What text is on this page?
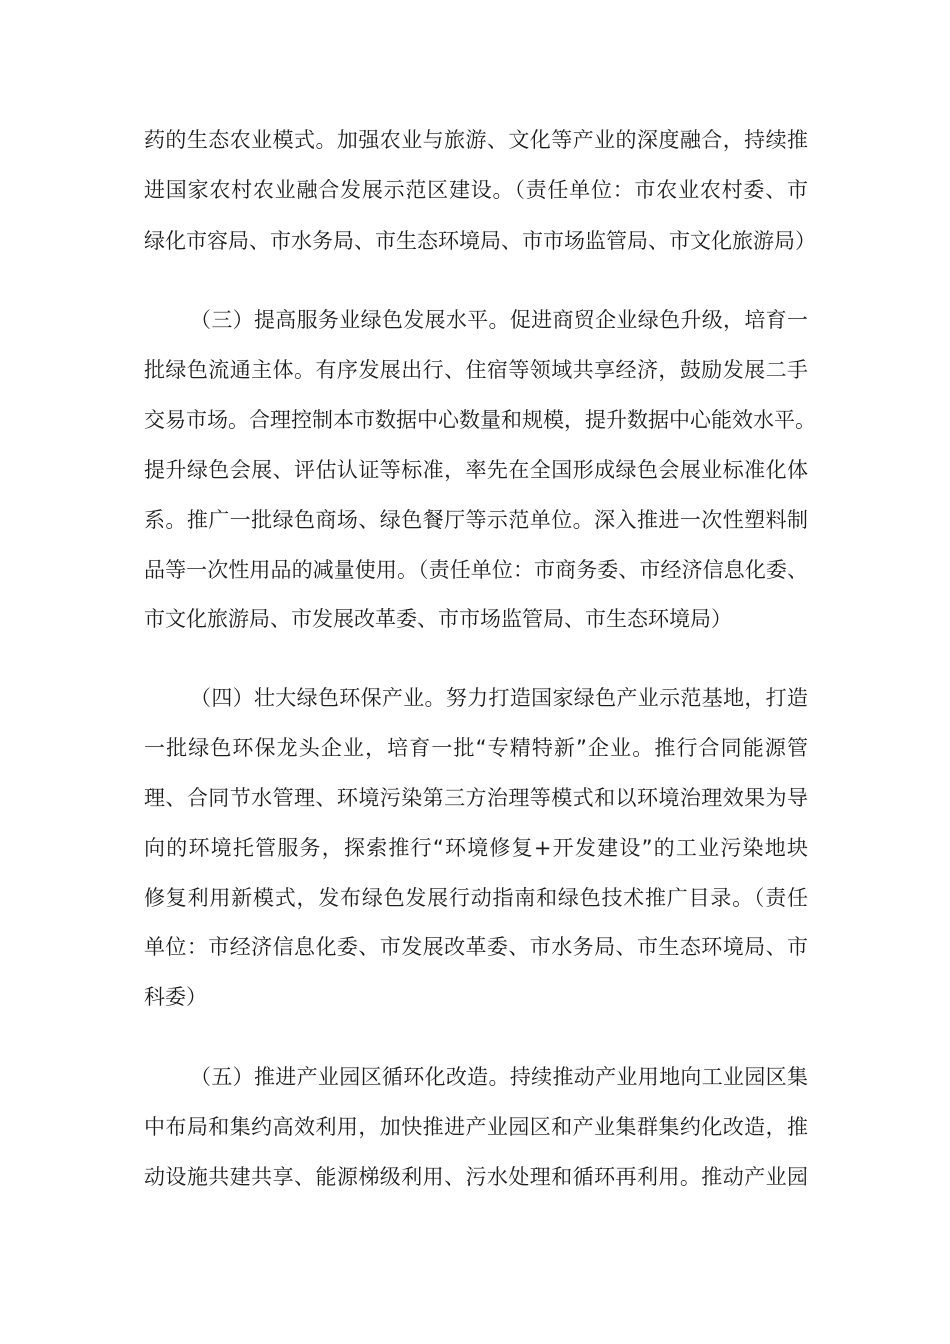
药的生态农业模式。加强农业与旅游、文化等产业的深度融合，持续推
进国家农村农业融合发展示范区建设。（责任单位：市农业农村委、市
绿化市容局、市水务局、市生态环境局、市市场监管局、市文化旅游局）
（三）提高服务业绿色发展水平。促进商贸企业绿色升级，培育一
批绿色流通主体。有序发展出行、住宿等领域共享经济，鼓励发展二手
交易市场。合理控制本市数据中心数量和规模，提升数据中心能效水平。
提升绿色会展、评估认证等标准，率先在全国形成绿色会展业标准化体
系。推广一批绿色商场、绿色餐厅等示范单位。深入推进一次性塑料制
品等一次性用品的减量使用。（责任单位：市商务委、市经济信息化委、
市文化旅游局、市发展改革委、市市场监管局、市生态环境局）
（四）壮大绿色环保产业。努力打造国家绿色产业示范基地，打造
一批绿色环保龙头企业，培育一批“专精特新”企业。推行合同能源管
理、合同节水管理、环境污染第三方治理等模式和以环境治理效果为导
向的环境托管服务，探索推行“环境修复+开发建设”的工业污染地块
修复利用新模式，发布绿色发展行动指南和绿色技术推广目录。（责任
单位：市经济信息化委、市发展改革委、市水务局、市生态环境局、市
科委）
（五）推进产业园区循环化改造。持续推动产业用地向工业园区集
中布局和集约高效利用，加快推进产业园区和产业集群集约化改造，推
动设施共建共享、能源梯级利用、污水处理和循环再利用。推动产业园
